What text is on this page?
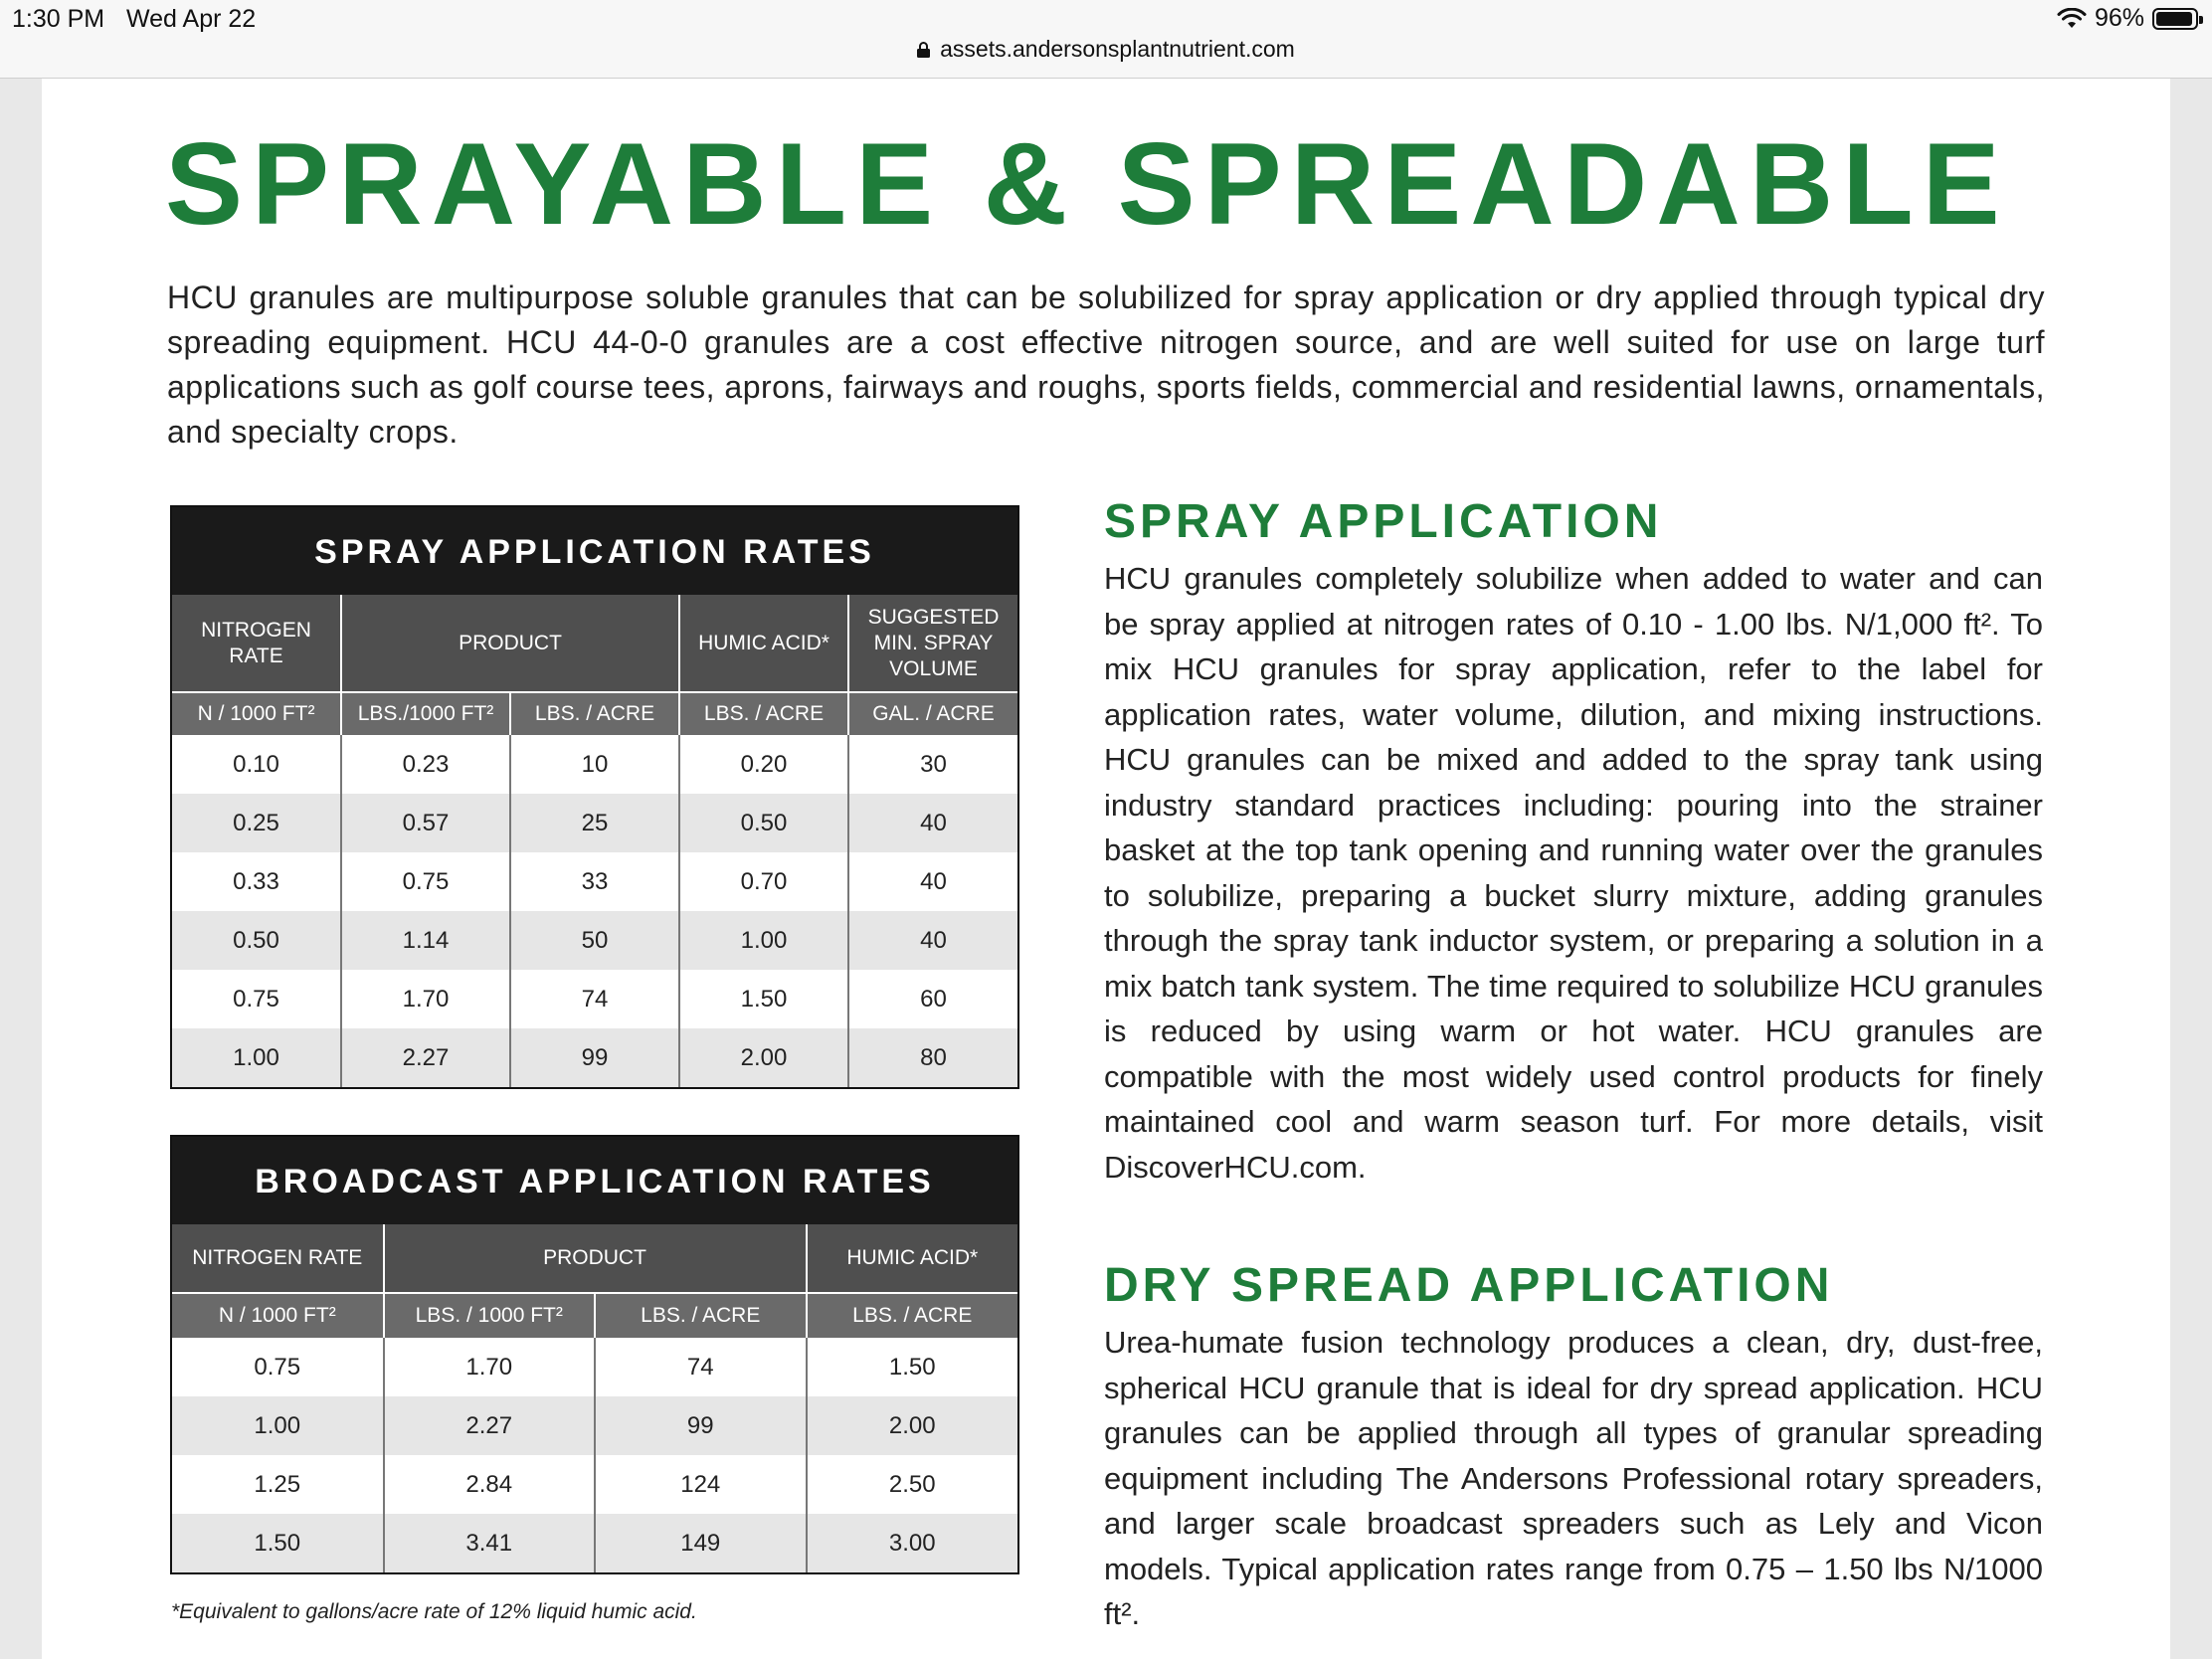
1:30 PM Wed Apr 22	96%
assets.andersonsplantnutrient.com
SPRAYABLE & SPREADABLE

HCU granules are multipurpose soluble granules that can be solubilized for spray application or dry applied through typical dry spreading equipment. HCU 44-0-0 granules are a cost effective nitrogen source, and are well suited for use on large turf applications such as golf course tees, aprons, fairways and roughs, sports fields, commercial and residential lawns, ornamentals, and specialty crops.

SPRAY APPLICATION RATES
NITROGEN RATE	PRODUCT		HUMIC ACID*	SUGGESTED MIN. SPRAY VOLUME
N / 1000 FT²	LBS./1000 FT²	LBS. / ACRE	LBS. / ACRE	GAL. / ACRE
0.10	0.23	10	0.20	30
0.25	0.57	25	0.50	40
0.33	0.75	33	0.70	40
0.50	1.14	50	1.00	40
0.75	1.70	74	1.50	60
1.00	2.27	99	2.00	80
BROADCAST APPLICATION RATES
NITROGEN RATE	PRODUCT		HUMIC ACID*
N / 1000 FT²	LBS. / 1000 FT²	LBS. / ACRE	LBS. / ACRE
0.75	1.70	74	1.50
1.00	2.27	99	2.00
1.25	2.84	124	2.50
1.50	3.41	149	3.00
*Equivalent to gallons/acre rate of 12% liquid humic acid.
SPRAY APPLICATION

HCU granules completely solubilize when added to water and can be spray applied at nitrogen rates of 0.10 - 1.00 lbs. N/1,000 ft². To mix HCU granules for spray application, refer to the label for application rates, water volume, dilution, and mixing instructions. HCU granules can be mixed and added to the spray tank using industry standard practices including: pouring into the strainer basket at the top tank opening and running water over the granules to solubilize, preparing a bucket slurry mixture, adding granules through the spray tank inductor system, or preparing a solution in a mix batch tank system. The time required to solubilize HCU granules is reduced by using warm or hot water. HCU granules are compatible with the most widely used control products for finely maintained cool and warm season turf. For more details, visit DiscoverHCU.com.

DRY SPREAD APPLICATION

Urea-humate fusion technology produces a clean, dry, dust-free, spherical HCU granule that is ideal for dry spread application. HCU granules can be applied through all types of granular spreading equipment including The Andersons Professional rotary spreaders, and larger scale broadcast spreaders such as Lely and Vicon models. Typical application rates range from 0.75 – 1.50 lbs N/1000 ft².
